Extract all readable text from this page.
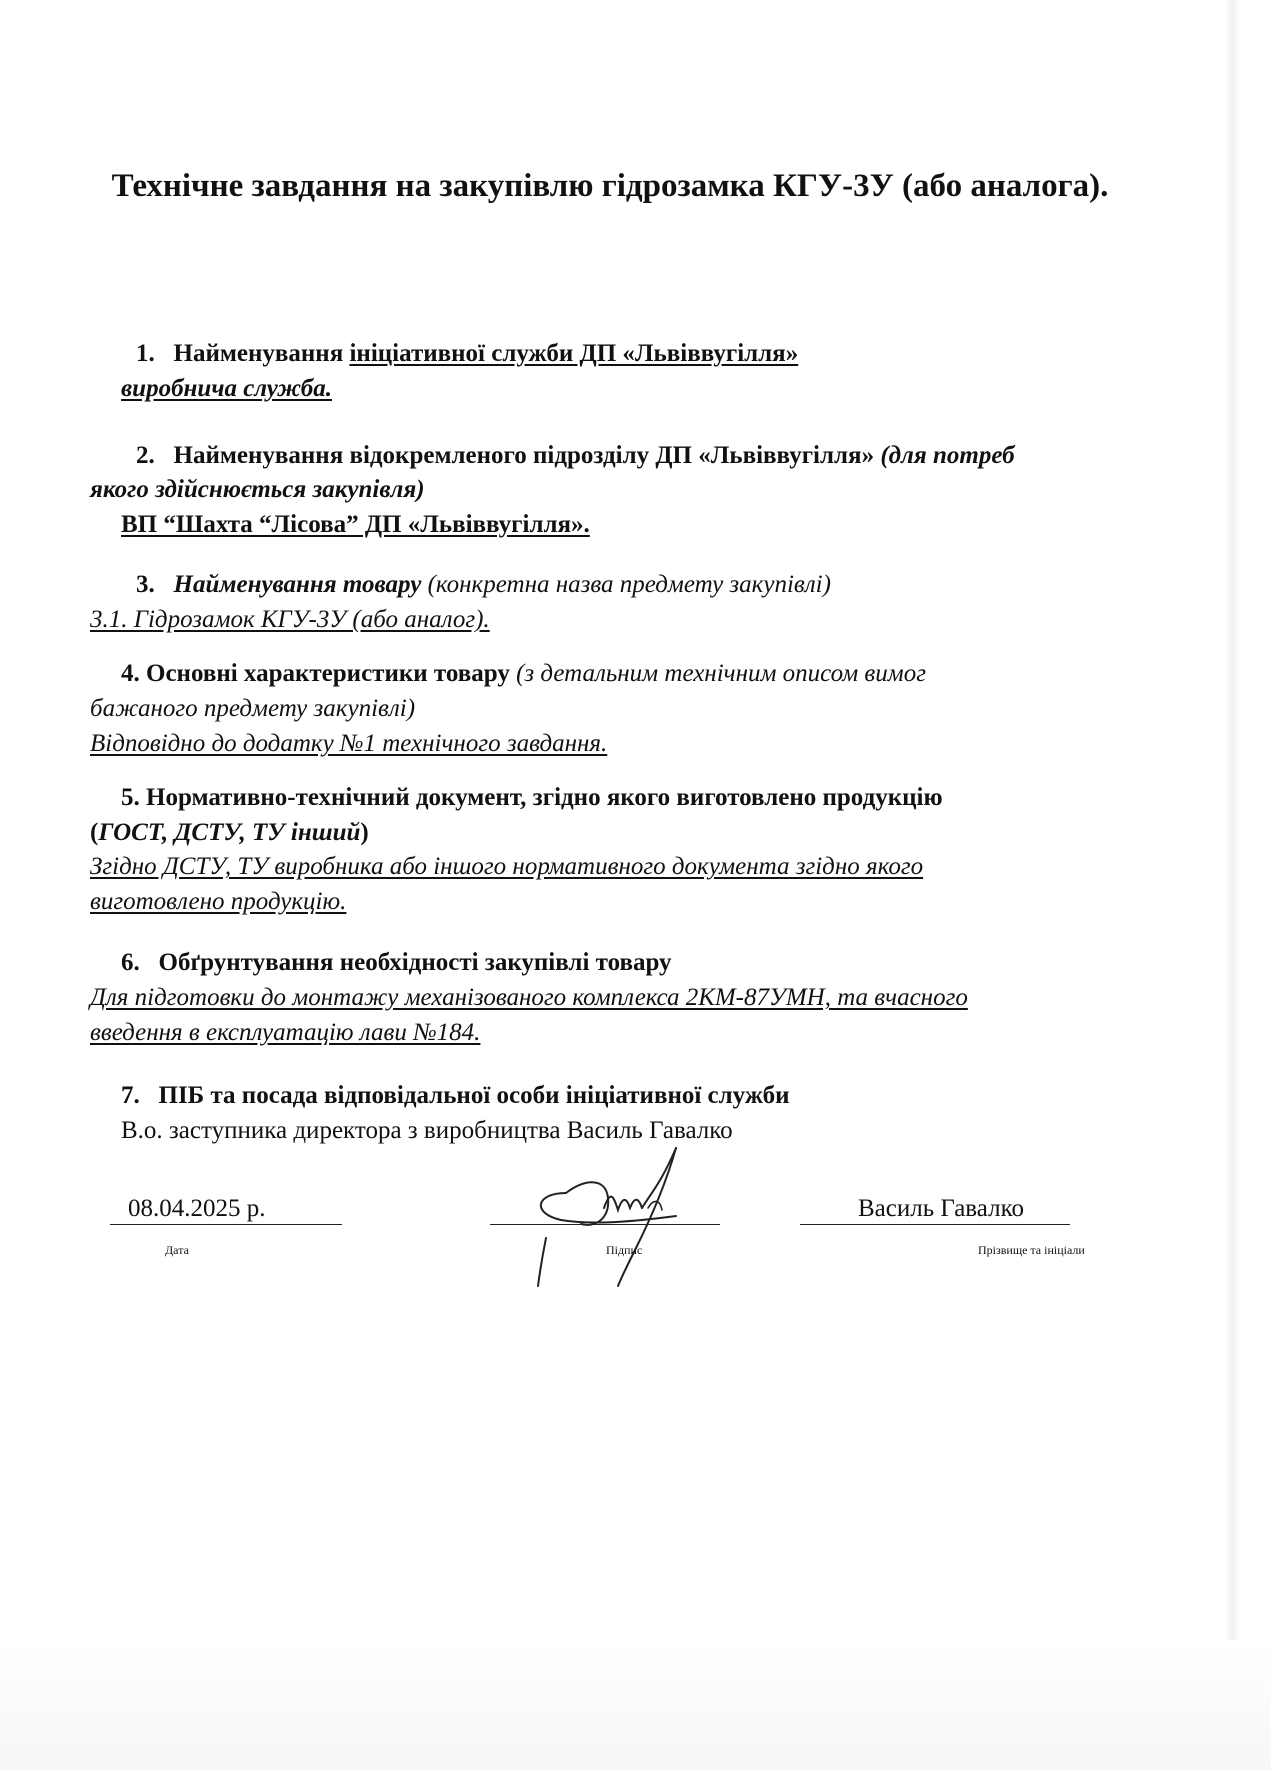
Технічне завдання на закупівлю гідрозамка КГУ-3У (або аналога).
1.   Найменування ініціативної служби ДП «Львіввугілля»
виробнича служба.
2.   Найменування відокремленого підрозділу ДП «Львіввугілля» (для потреб
якого здійснюється закупівля)
ВП “Шахта “Лісова” ДП «Львіввугілля».
3.   Найменування товару (конкретна назва предмету закупівлі)
3.1. Гідрозамок КГУ-3У (або аналог).
4. Основні характеристики товару (з детальним технічним описом вимог
бажаного предмету закупівлі)
Відповідно до додатку №1 технічного завдання.
5. Нормативно-технічний документ, згідно якого виготовлено продукцію
(ГОСТ, ДСТУ, ТУ інший)
Згідно ДСТУ, ТУ виробника або іншого нормативного документа згідно якого
виготовлено продукцію.
6.   Обґрунтування необхідності закупівлі товару
Для підготовки до монтажу механізованого комплекса 2КМ-87УМН, та вчасного
введення в експлуатацію лави №184.
7.   ПІБ та посада відповідальної особи ініціативної служби
В.о. заступника директора з виробництва Василь Гавалко
08.04.2025 р.
Дата	Підпис
Василь Гавалко
Прізвище та ініціали
